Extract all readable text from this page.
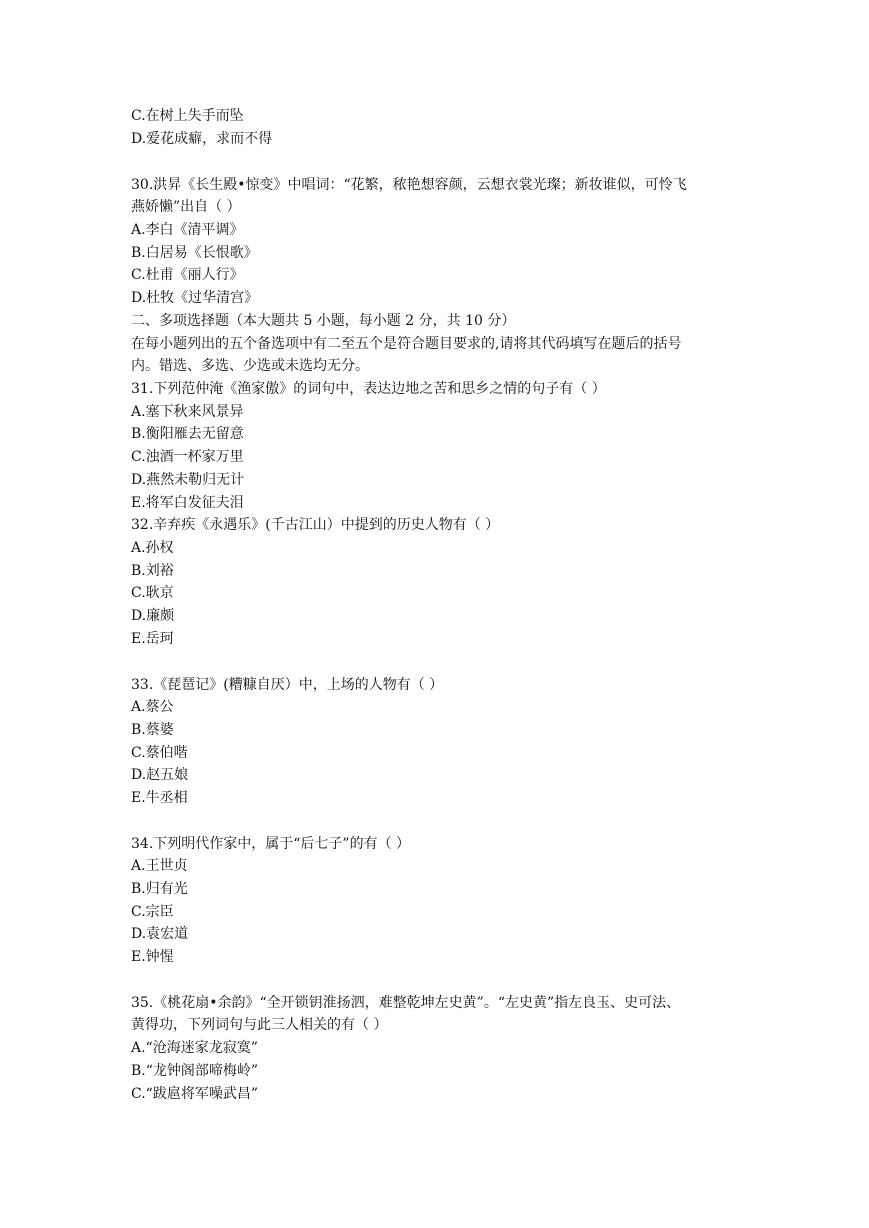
C.在树上失手而坠
D.爱花成癖，求而不得
30.洪昇《长生殿•惊变》中唱词：“花繁，秾艳想容颜，云想衣裳光璨；新妆谁似，可怜飞
燕娇懒”出自（ ）
A.李白《清平调》
B.白居易《长恨歌》
C.杜甫《丽人行》
D.杜牧《过华清宫》
二、多项选择题（本大题共 5 小题，每小题 2 分，共 10 分）
在每小题列出的五个备选项中有二至五个是符合题目要求的,请将其代码填写在题后的括号
内。错选、多选、少选或未选均无分。
31.下列范仲淹《渔家傲》的词句中，表达边地之苦和思乡之情的句子有（ ）
A.塞下秋来风景异
B.衡阳雁去无留意
C.浊酒一杯家万里
D.燕然未勒归无计
E.将军白发征夫泪
32.辛弃疾《永遇乐》(千古江山）中提到的历史人物有（ ）
A.孙权
B.刘裕
C.耿京
D.廉颇
E.岳珂
33.《琵琶记》(糟糠自厌）中，上场的人物有（ ）
A.蔡公
B.蔡婆
C.蔡伯喈
D.赵五娘
E.牛丞相
34.下列明代作家中，属于“后七子”的有（ ）
A.王世贞
B.归有光
C.宗臣
D.袁宏道
E.钟惺
35.《桃花扇•余韵》“全开锁钥淮扬泗，难整乾坤左史黄”。“左史黄”指左良玉、史可法、
黄得功，下列词句与此三人相关的有（ ）
A.“沧海迷家龙寂寞”
B.“龙钟阁部啼梅岭”
C.“跋扈将军噪武昌”
